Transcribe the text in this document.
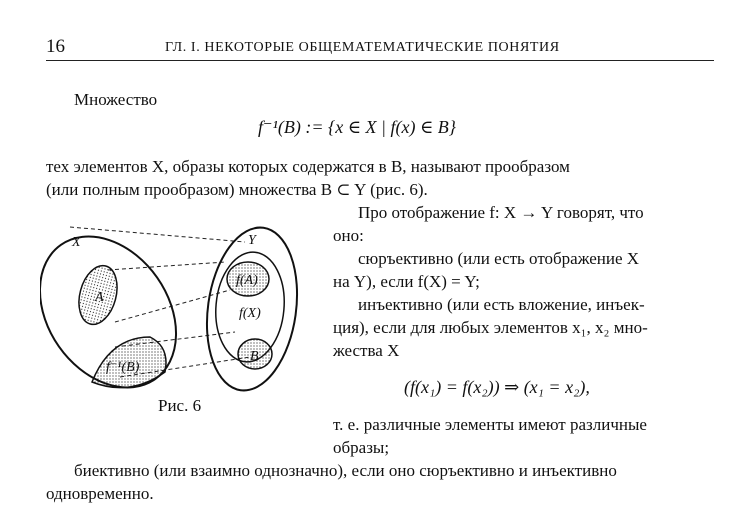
16	ГЛ. I. НЕКОТОРЫЕ ОБЩЕМАТЕМАТИЧЕСКИЕ ПОНЯТИЯ
Множество
f⁻¹(B) := {x ∈ X | f(x) ∈ B}
тех элементов X, образы которых содержатся в B, называют прообразом
(или полным прообразом) множества B ⊂ Y (рис. 6).
Про отображение f: X → Y говорят, что
оно:
сюръективно (или есть отображение X
на Y), если f(X) = Y;
инъективно (или есть вложение, инъек-
ция), если для любых элементов x₁, x₂ мно-
жества X
(f(x₁) = f(x₂)) ⇒ (x₁ = x₂),
т. е. различные элементы имеют различные
образы;
биективно (или взаимно однозначно), если оно сюръективно и инъективно
одновременно.
X	Y
A
f(A)
f(X)
B
f⁻¹(B)
Рис. 6
